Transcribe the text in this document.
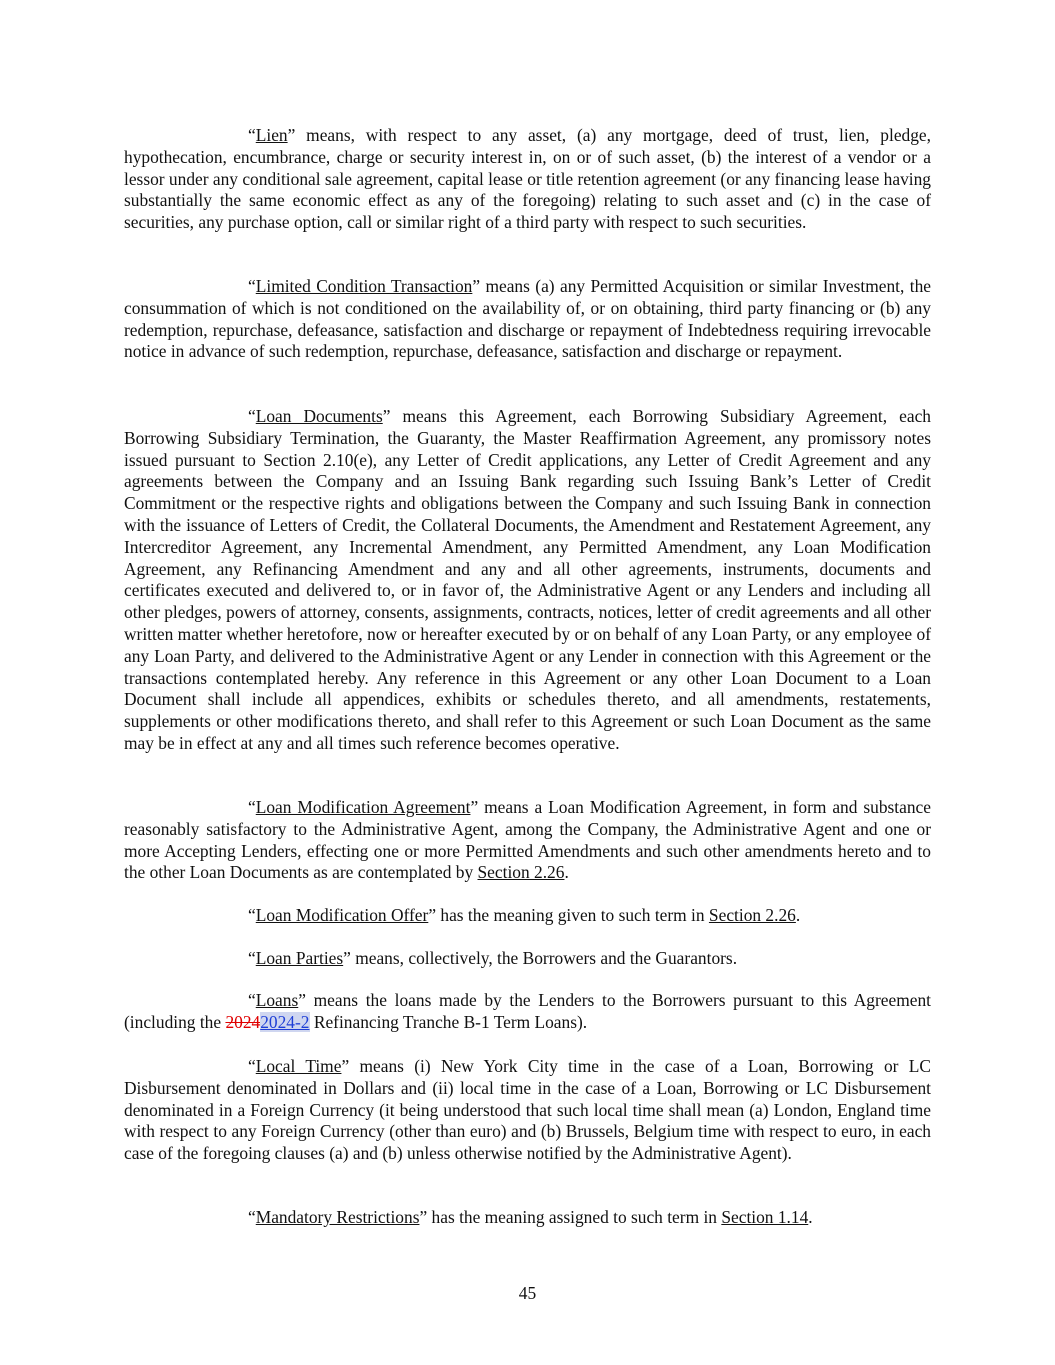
“Lien” means, with respect to any asset, (a) any mortgage, deed of trust, lien, pledge, hypothecation, encumbrance, charge or security interest in, on or of such asset, (b) the interest of a vendor or a lessor under any conditional sale agreement, capital lease or title retention agreement (or any financing lease having substantially the same economic effect as any of the foregoing) relating to such asset and (c) in the case of securities, any purchase option, call or similar right of a third party with respect to such securities.

“Limited Condition Transaction” means (a) any Permitted Acquisition or similar Investment, the consummation of which is not conditioned on the availability of, or on obtaining, third party financing or (b) any redemption, repurchase, defeasance, satisfaction and discharge or repayment of Indebtedness requiring irrevocable notice in advance of such redemption, repurchase, defeasance, satisfaction and discharge or repayment.

“Loan Documents” means this Agreement, each Borrowing Subsidiary Agreement, each Borrowing Subsidiary Termination, the Guaranty, the Master Reaffirmation Agreement, any promissory notes issued pursuant to Section 2.10(e), any Letter of Credit applications, any Letter of Credit Agreement and any agreements between the Company and an Issuing Bank regarding such Issuing Bank’s Letter of Credit Commitment or the respective rights and obligations between the Company and such Issuing Bank in connection with the issuance of Letters of Credit, the Collateral Documents, the Amendment and Restatement Agreement, any Intercreditor Agreement, any Incremental Amendment, any Permitted Amendment, any Loan Modification Agreement, any Refinancing Amendment and any and all other agreements, instruments, documents and certificates executed and delivered to, or in favor of, the Administrative Agent or any Lenders and including all other pledges, powers of attorney, consents, assignments, contracts, notices, letter of credit agreements and all other written matter whether heretofore, now or hereafter executed by or on behalf of any Loan Party, or any employee of any Loan Party, and delivered to the Administrative Agent or any Lender in connection with this Agreement or the transactions contemplated hereby. Any reference in this Agreement or any other Loan Document to a Loan Document shall include all appendices, exhibits or schedules thereto, and all amendments, restatements, supplements or other modifications thereto, and shall refer to this Agreement or such Loan Document as the same may be in effect at any and all times such reference becomes operative.

“Loan Modification Agreement” means a Loan Modification Agreement, in form and substance reasonably satisfactory to the Administrative Agent, among the Company, the Administrative Agent and one or more Accepting Lenders, effecting one or more Permitted Amendments and such other amendments hereto and to the other Loan Documents as are contemplated by Section 2.26.

“Loan Modification Offer” has the meaning given to such term in Section 2.26.

“Loan Parties” means, collectively, the Borrowers and the Guarantors.

“Loans” means the loans made by the Lenders to the Borrowers pursuant to this Agreement (including the 20242024-2 Refinancing Tranche B-1 Term Loans).

“Local Time” means (i) New York City time in the case of a Loan, Borrowing or LC Disbursement denominated in Dollars and (ii) local time in the case of a Loan, Borrowing or LC Disbursement denominated in a Foreign Currency (it being understood that such local time shall mean (a) London, England time with respect to any Foreign Currency (other than euro) and (b) Brussels, Belgium time with respect to euro, in each case of the foregoing clauses (a) and (b) unless otherwise notified by the Administrative Agent).

“Mandatory Restrictions” has the meaning assigned to such term in Section 1.14.

45
